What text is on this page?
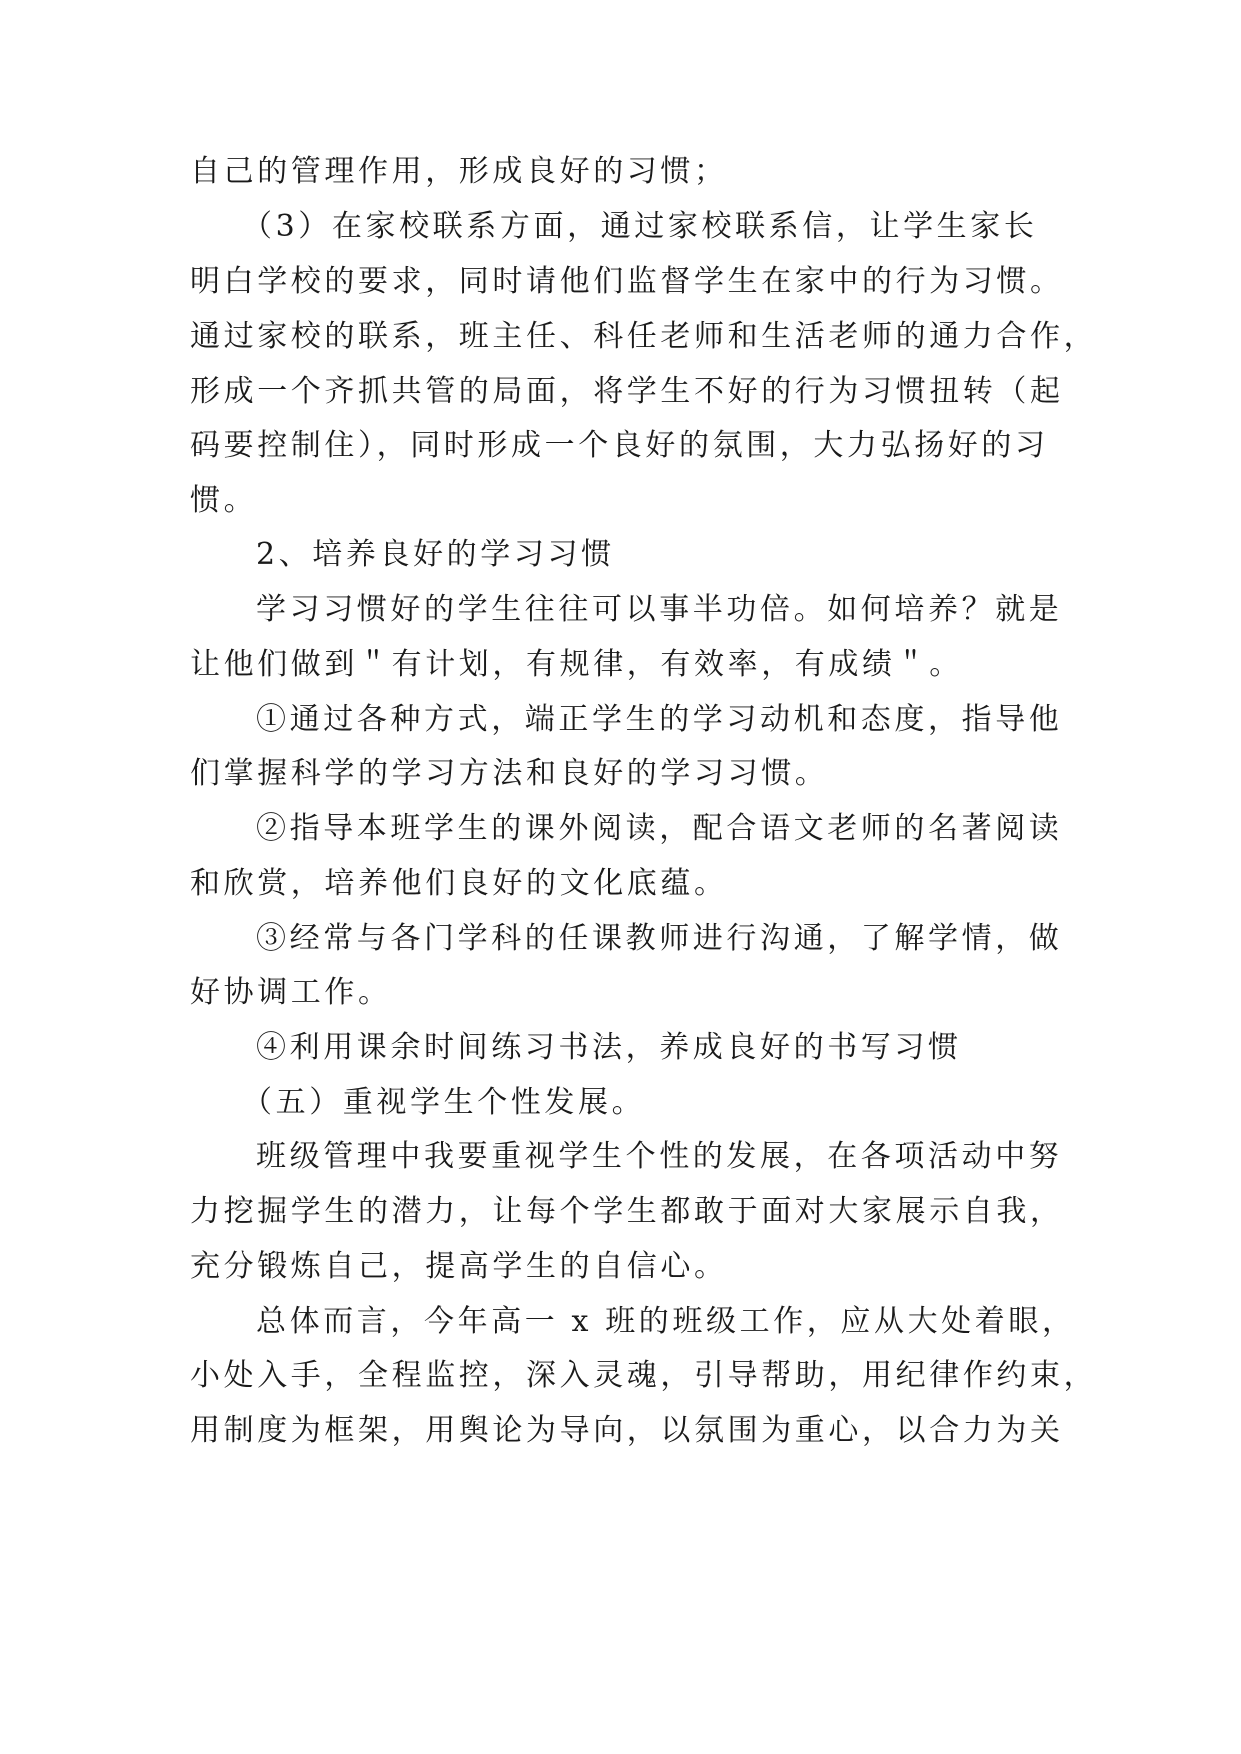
自己的管理作用，形成良好的习惯；
（3）在家校联系方面，通过家校联系信，让学生家长
明白学校的要求，同时请他们监督学生在家中的行为习惯。
通过家校的联系，班主任、科任老师和生活老师的通力合作，
形成一个齐抓共管的局面，将学生不好的行为习惯扭转（起
码要控制住），同时形成一个良好的氛围，大力弘扬好的习
惯。
2、培养良好的学习习惯
学习习惯好的学生往往可以事半功倍。如何培养？就是
让他们做到＂有计划，有规律，有效率，有成绩＂。
①通过各种方式，端正学生的学习动机和态度，指导他
们掌握科学的学习方法和良好的学习习惯。
②指导本班学生的课外阅读，配合语文老师的名著阅读
和欣赏，培养他们良好的文化底蕴。
③经常与各门学科的任课教师进行沟通，了解学情，做
好协调工作。
④利用课余时间练习书法，养成良好的书写习惯
（五）重视学生个性发展。
班级管理中我要重视学生个性的发展，在各项活动中努
力挖掘学生的潜力，让每个学生都敢于面对大家展示自我，
充分锻炼自己，提高学生的自信心。
总体而言，今年高一 x 班的班级工作，应从大处着眼，
小处入手，全程监控，深入灵魂，引导帮助，用纪律作约束，
用制度为框架，用舆论为导向，以氛围为重心，以合力为关
